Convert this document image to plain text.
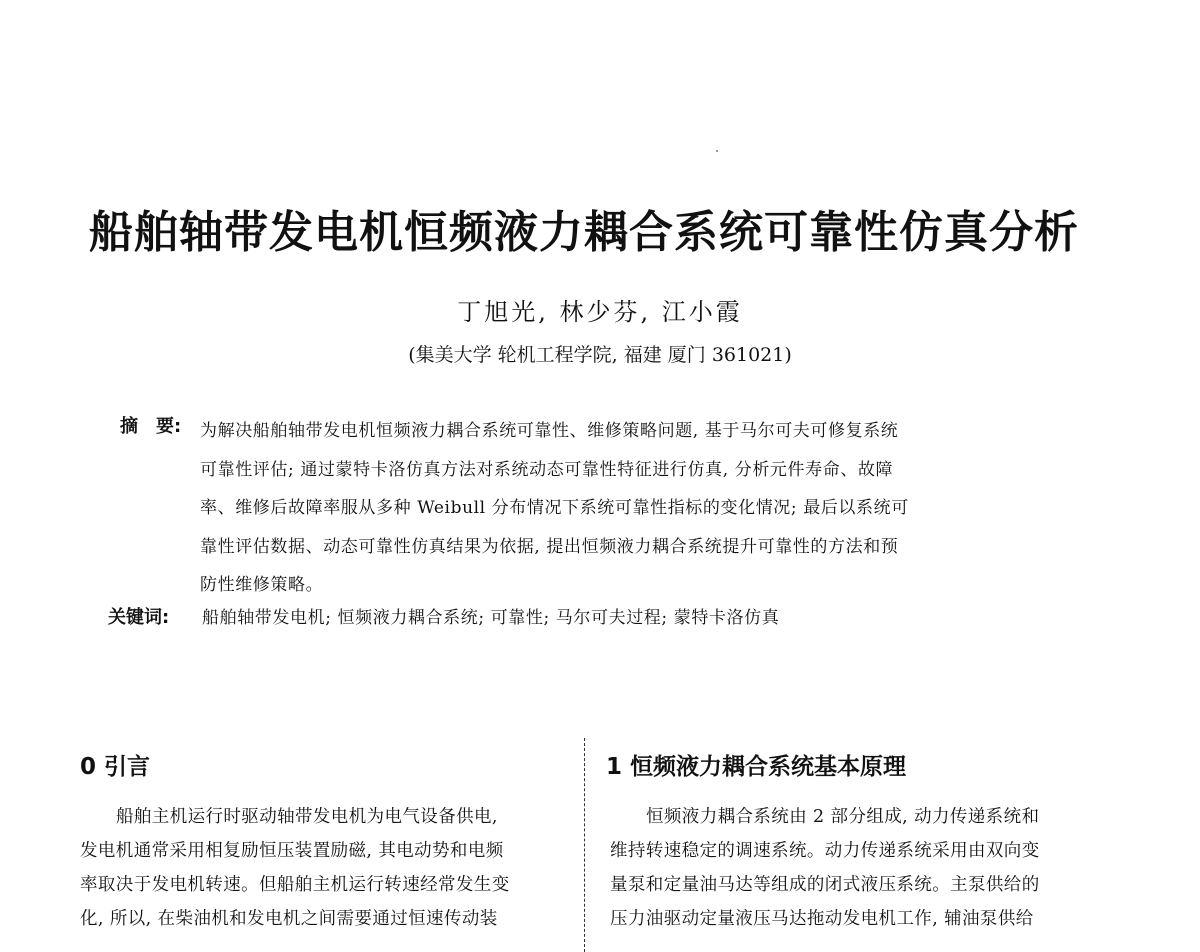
船舶轴带发电机恒频液力耦合系统可靠性仿真分析
丁旭光, 林少芬, 江小霞
(集美大学 轮机工程学院, 福建 厦门 361021)
摘　要: 为解决船舶轴带发电机恒频液力耦合系统可靠性、维修策略问题, 基于马尔可夫可修复系统
可靠性评估; 通过蒙特卡洛仿真方法对系统动态可靠性特征进行仿真, 分析元件寿命、故障
率、维修后故障率服从多种 Weibull 分布情况下系统可靠性指标的变化情况; 最后以系统可
靠性评估数据、动态可靠性仿真结果为依据, 提出恒频液力耦合系统提升可靠性的方法和预
防性维修策略。
关键词: 船舶轴带发电机; 恒频液力耦合系统; 可靠性; 马尔可夫过程; 蒙特卡洛仿真
0 引言
船舶主机运行时驱动轴带发电机为电气设备供电,
发电机通常采用相复励恒压装置励磁, 其电动势和电频
率取决于发电机转速。但船舶主机运行转速经常发生变
化, 所以, 在柴油机和发电机之间需要通过恒速传动装
1 恒频液力耦合系统基本原理
恒频液力耦合系统由 2 部分组成, 动力传递系统和
维持转速稳定的调速系统。动力传递系统采用由双向变
量泵和定量油马达等组成的闭式液压系统。主泵供给的
压力油驱动定量液压马达拖动发电机工作, 辅油泵供给
